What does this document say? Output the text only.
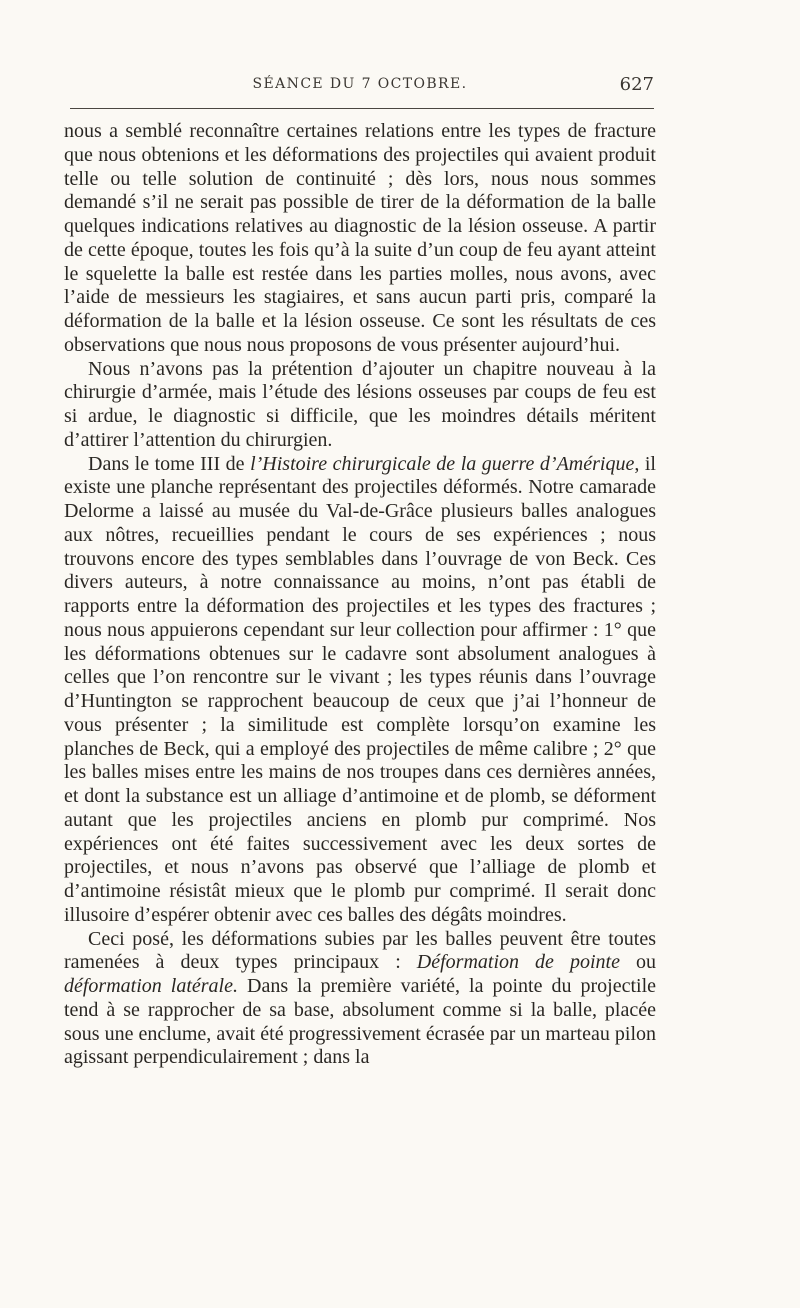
SÉANCE DU 7 OCTOBRE.	627

nous a semblé reconnaître certaines relations entre les types de fracture que nous obtenions et les déformations des projectiles qui avaient produit telle ou telle solution de continuité ; dès lors, nous nous sommes demandé s’il ne serait pas possible de tirer de la déformation de la balle quelques indications relatives au diagnostic de la lésion osseuse. A partir de cette époque, toutes les fois qu’à la suite d’un coup de feu ayant atteint le squelette la balle est restée dans les parties molles, nous avons, avec l’aide de messieurs les stagiaires, et sans aucun parti pris, comparé la déformation de la balle et la lésion osseuse. Ce sont les résultats de ces observations que nous nous proposons de vous présenter aujourd’hui.

Nous n’avons pas la prétention d’ajouter un chapitre nouveau à la chirurgie d’armée, mais l’étude des lésions osseuses par coups de feu est si ardue, le diagnostic si difficile, que les moindres détails méritent d’attirer l’attention du chirurgien.

Dans le tome III de l’Histoire chirurgicale de la guerre d’Amérique, il existe une planche représentant des projectiles déformés. Notre camarade Delorme a laissé au musée du Val-de-Grâce plusieurs balles analogues aux nôtres, recueillies pendant le cours de ses expériences ; nous trouvons encore des types semblables dans l’ouvrage de von Beck. Ces divers auteurs, à notre connaissance au moins, n’ont pas établi de rapports entre la déformation des projectiles et les types des fractures ; nous nous appuierons cependant sur leur collection pour affirmer : 1° que les déformations obtenues sur le cadavre sont absolument analogues à celles que l’on rencontre sur le vivant ; les types réunis dans l’ouvrage d’Huntington se rapprochent beaucoup de ceux que j’ai l’honneur de vous présenter ; la similitude est complète lorsqu’on examine les planches de Beck, qui a employé des projectiles de même calibre ; 2° que les balles mises entre les mains de nos troupes dans ces dernières années, et dont la substance est un alliage d’antimoine et de plomb, se déforment autant que les projectiles anciens en plomb pur comprimé. Nos expériences ont été faites successivement avec les deux sortes de projectiles, et nous n’avons pas observé que l’alliage de plomb et d’antimoine résistât mieux que le plomb pur comprimé. Il serait donc illusoire d’espérer obtenir avec ces balles des dégâts moindres.

Ceci posé, les déformations subies par les balles peuvent être toutes ramenées à deux types principaux : Déformation de pointe ou déformation latérale. Dans la première variété, la pointe du projectile tend à se rapprocher de sa base, absolument comme si la balle, placée sous une enclume, avait été progressivement écrasée par un marteau pilon agissant perpendiculairement ; dans la
